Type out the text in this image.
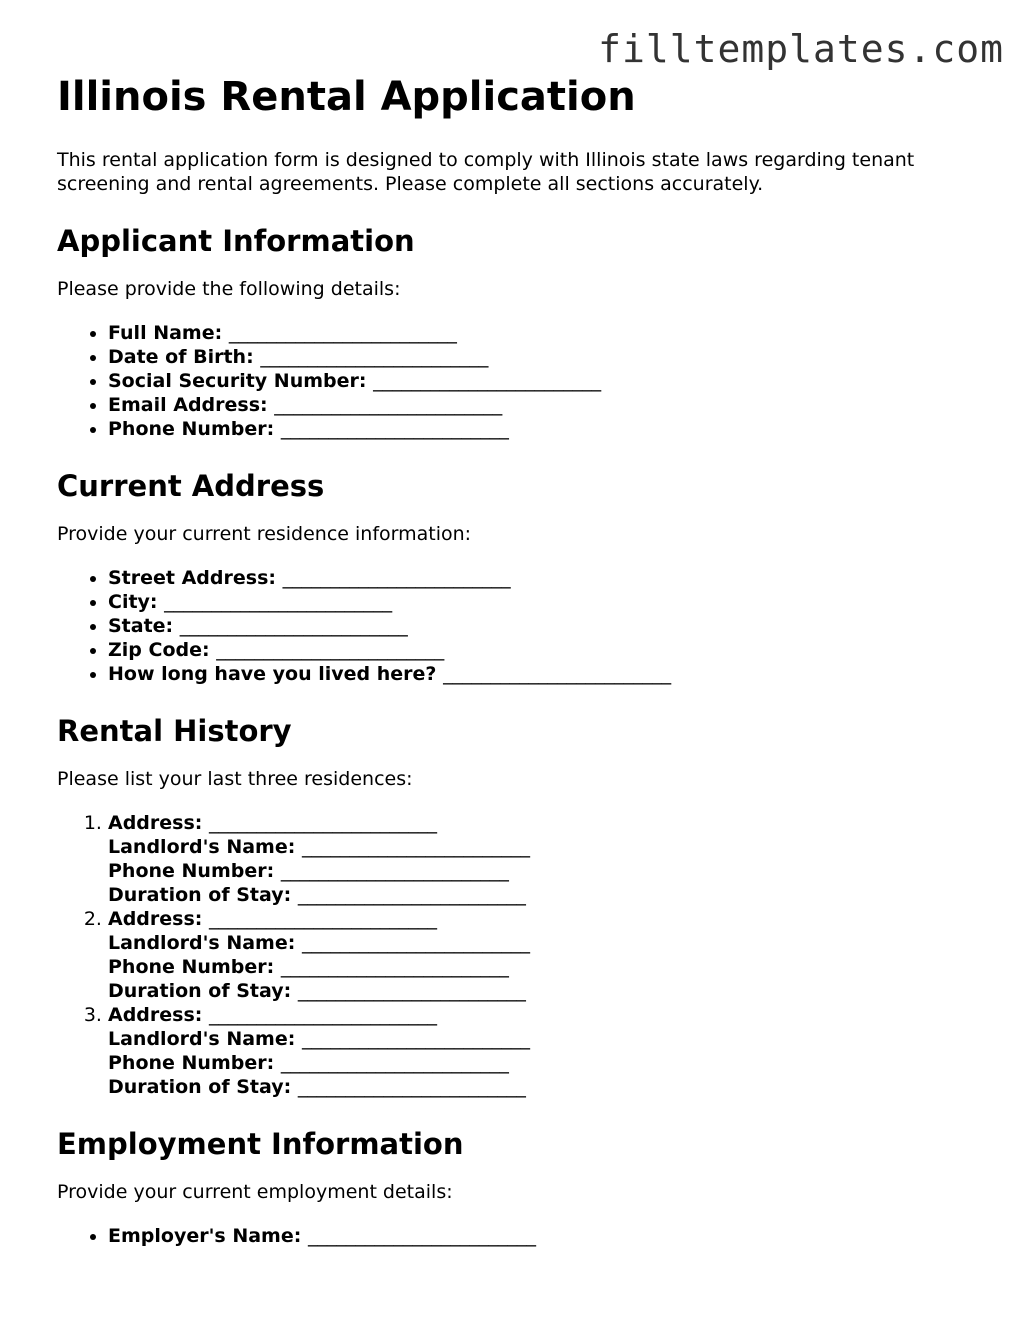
filltemplates.com
Illinois Rental Application

This rental application form is designed to comply with Illinois state laws regarding tenant screening and rental agreements. Please complete all sections accurately.

Applicant Information

Please provide the following details:

• Full Name: ________________________
• Date of Birth: ________________________
• Social Security Number: ________________________
• Email Address: ________________________
• Phone Number: ________________________
Current Address

Provide your current residence information:

• Street Address: ________________________
• City: ________________________
• State: ________________________
• Zip Code: ________________________
• How long have you lived here? ________________________
Rental History

Please list your last three residences:

1. Address: ________________________
Landlord's Name: ________________________
Phone Number: ________________________
Duration of Stay: ________________________
2. Address: ________________________
Landlord's Name: ________________________
Phone Number: ________________________
Duration of Stay: ________________________
3. Address: ________________________
Landlord's Name: ________________________
Phone Number: ________________________
Duration of Stay: ________________________
Employment Information

Provide your current employment details:

• Employer's Name: ________________________
